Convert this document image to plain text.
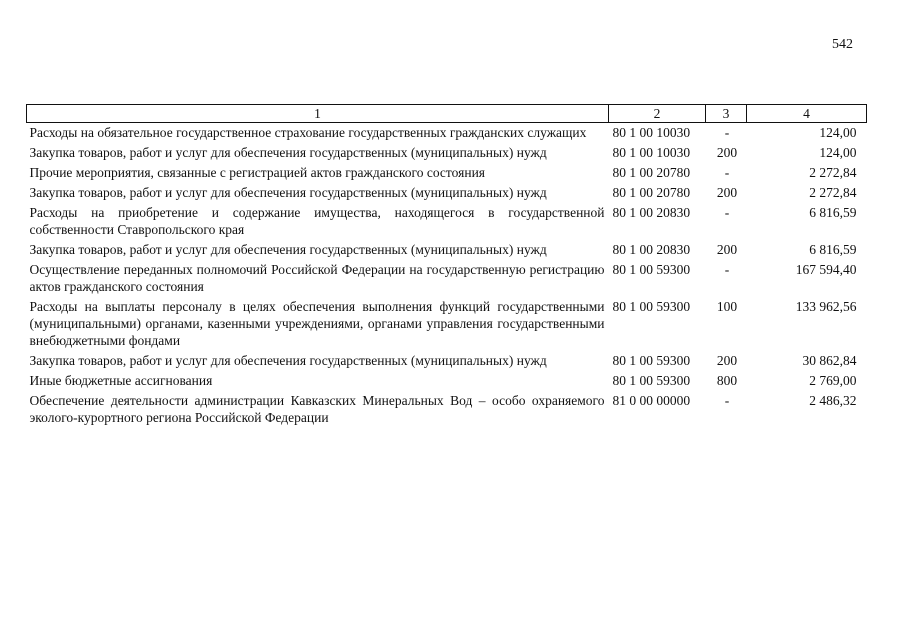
542
1	2	3	4
Расходы на обязательное государственное страхование государственных гражданских служащих	80 1 00 10030	-	124,00
Закупка товаров, работ и услуг для обеспечения государственных (муниципальных) нужд	80 1 00 10030	200	124,00
Прочие мероприятия, связанные с регистрацией актов гражданского состояния	80 1 00 20780	-	2 272,84
Закупка товаров, работ и услуг для обеспечения государственных (муниципальных) нужд	80 1 00 20780	200	2 272,84
Расходы на приобретение и содержание имущества, находящегося в государственной собственности Ставропольского края	80 1 00 20830	-	6 816,59
Закупка товаров, работ и услуг для обеспечения государственных (муниципальных) нужд	80 1 00 20830	200	6 816,59
Осуществление переданных полномочий Российской Федерации на государственную регистрацию актов гражданского состояния	80 1 00 59300	-	167 594,40
Расходы на выплаты персоналу в целях обеспечения выполнения функций государственными (муниципальными) органами, казенными учреждениями, органами управления государственными внебюджетными фондами	80 1 00 59300	100	133 962,56
Закупка товаров, работ и услуг для обеспечения государственных (муниципальных) нужд	80 1 00 59300	200	30 862,84
Иные бюджетные ассигнования	80 1 00 59300	800	2 769,00
Обеспечение деятельности администрации Кавказских Минеральных Вод – особо охраняемого эколого-курортного региона Российской Федерации	81 0 00 00000	-	2 486,32
